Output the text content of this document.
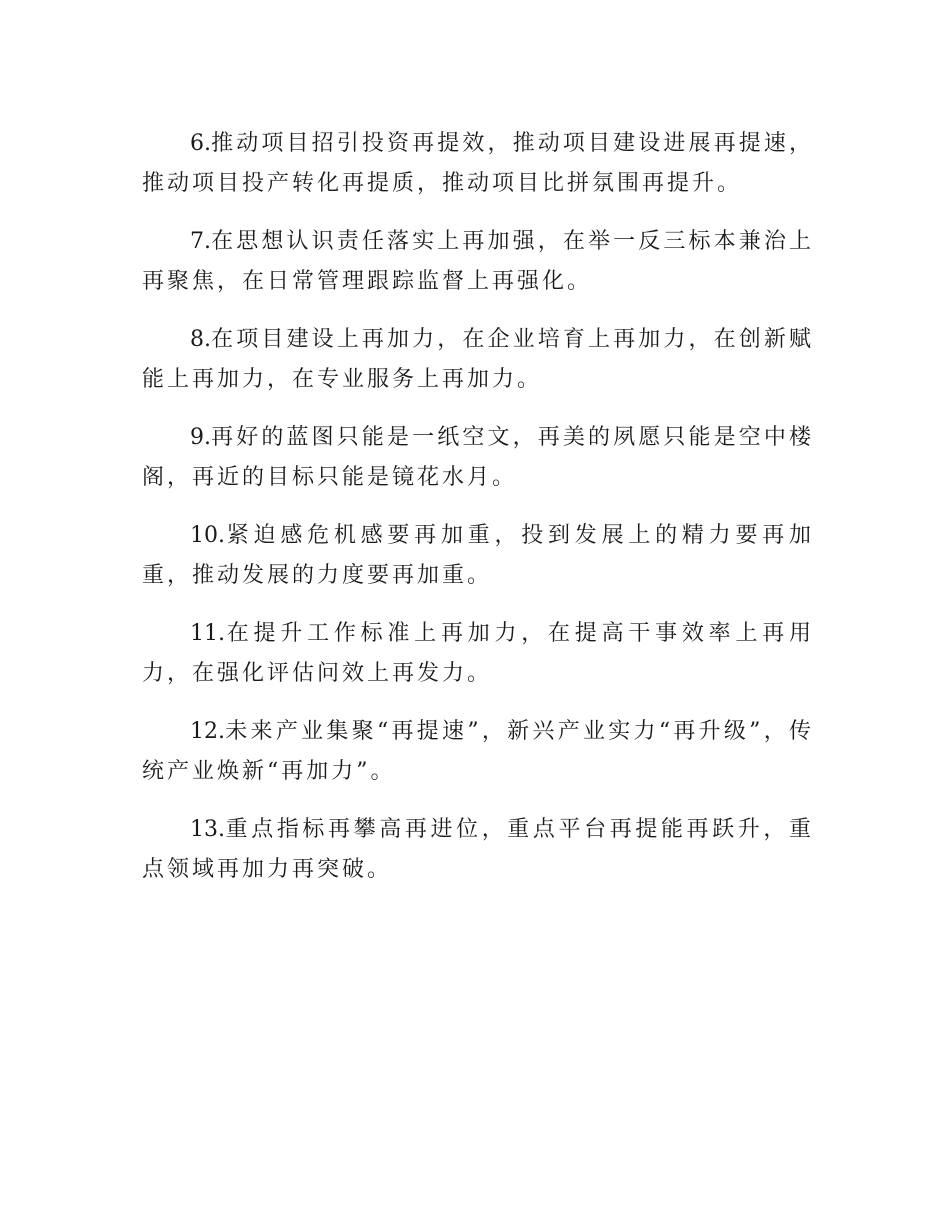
6.推动项目招引投资再提效，推动项目建设进展再提速，推动项目投产转化再提质，推动项目比拼氛围再提升。

7.在思想认识责任落实上再加强，在举一反三标本兼治上再聚焦，在日常管理跟踪监督上再强化。

8.在项目建设上再加力，在企业培育上再加力，在创新赋能上再加力，在专业服务上再加力。

9.再好的蓝图只能是一纸空文，再美的夙愿只能是空中楼阁，再近的目标只能是镜花水月。

10.紧迫感危机感要再加重，投到发展上的精力要再加重，推动发展的力度要再加重。

11.在提升工作标准上再加力，在提高干事效率上再用力，在强化评估问效上再发力。

12.未来产业集聚“再提速”，新兴产业实力“再升级”，传统产业焕新“再加力”。

13.重点指标再攀高再进位，重点平台再提能再跃升，重点领域再加力再突破。
